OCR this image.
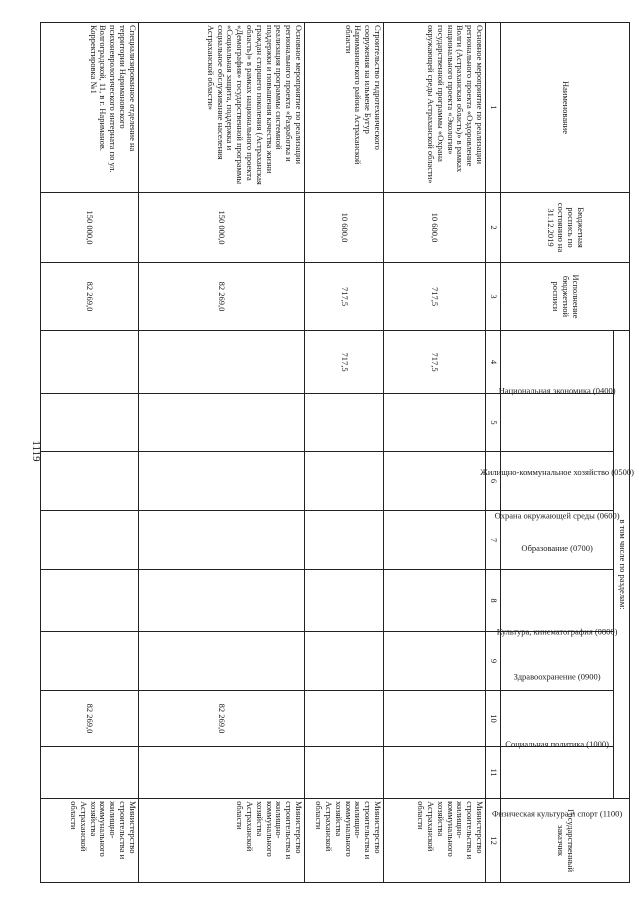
1119
Наименование	Бюджетная роспись по состоянию на 31.12.2019	Исполнение бюджетной росписи	в том числе по разделам:								Государственный заказчик
			Национальная экономика (0400)	Жилищно-коммунальное хозяйство (0500)	Охрана окружающей среды (0600)	Образование (0700)	Культура, кинематография (0800)	Здравоохранение (0900)	Социальная политика (1000)	Физическая культура и спорт (1100)	
1	2	3	4	5	6	7	8	9	10	11	12
Основное мероприятие по реализации регионального проекта «Оздоровление Волги (Астраханская область)» в рамках национального проекта «Экология» государственной программы «Охрана окружающей среды Астраханской области»	10 600,0	717,5	717,5								Министерство строительства и жилищно-коммунального хозяйства Астраханской области
Строительство гидротехнического сооружения на ильмене Бугур Наримановского района Астраханской области	10 600,0	717,5	717,5								Министерство строительства и жилищно-коммунального хозяйства Астраханской области
Основное мероприятие по реализации регионального проекта «Разработка и реализация программы системной поддержки и повышения качества жизни граждан старшего поколения (Астраханская область)» в рамках национального проекта «Демография» государственной программы «Социальная защита, поддержка и социальное обслуживание населения Астраханской области»	150 000,0	82 269,0							82 269,0		Министерство строительства и жилищно-коммунального хозяйства Астраханской области
Специализированное отделение на территории Наримановского психоневрологического интерната по ул. Волгоградской, 11, в г. Нариманов. Корректировка №1	150 000,0	82 269,0							82 269,0		Министерство строительства и жилищно-коммунального хозяйства Астраханской области
